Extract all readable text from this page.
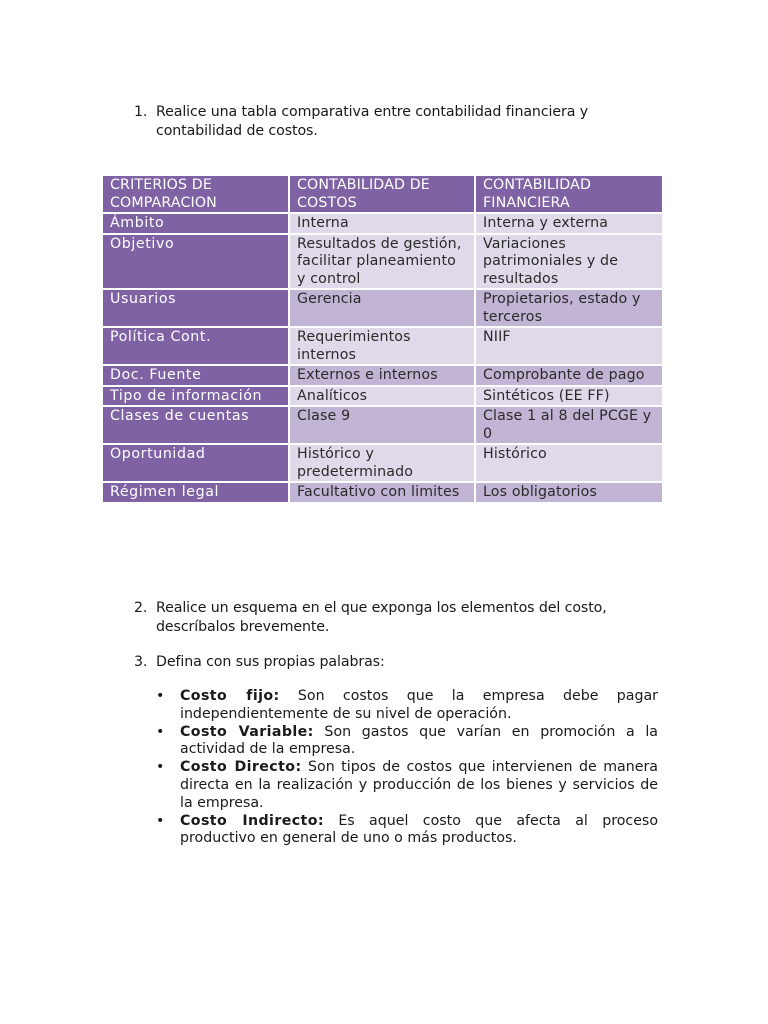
1. Realice una tabla comparativa entre contabilidad financiera y contabilidad de costos.
CRITERIOS DE COMPARACION	CONTABILIDAD DE COSTOS	CONTABILIDAD FINANCIERA
Ámbito	Interna	Interna y externa
Objetivo	Resultados de gestión, facilitar planeamiento y control	Variaciones patrimoniales y de resultados
Usuarios	Gerencia	Propietarios, estado y terceros
Política Cont.	Requerimientos internos	NIIF
Doc. Fuente	Externos e internos	Comprobante de pago
Tipo de información	Analíticos	Sintéticos (EE FF)
Clases de cuentas	Clase 9	Clase 1 al 8 del PCGE y 0
Oportunidad	Histórico y predeterminado	Histórico
Régimen legal	Facultativo con limites	Los obligatorios
2. Realice un esquema en el que exponga los elementos del costo, descríbalos brevemente.
3. Defina con sus propias palabras:
• Costo fijo: Son costos que la empresa debe pagar independientemente de su nivel de operación.
• Costo Variable: Son gastos que varían en promoción a la actividad de la empresa.
• Costo Directo: Son tipos de costos que intervienen de manera directa en la realización y producción de los bienes y servicios de la empresa.
• Costo Indirecto: Es aquel costo que afecta al proceso productivo en general de uno o más productos.
